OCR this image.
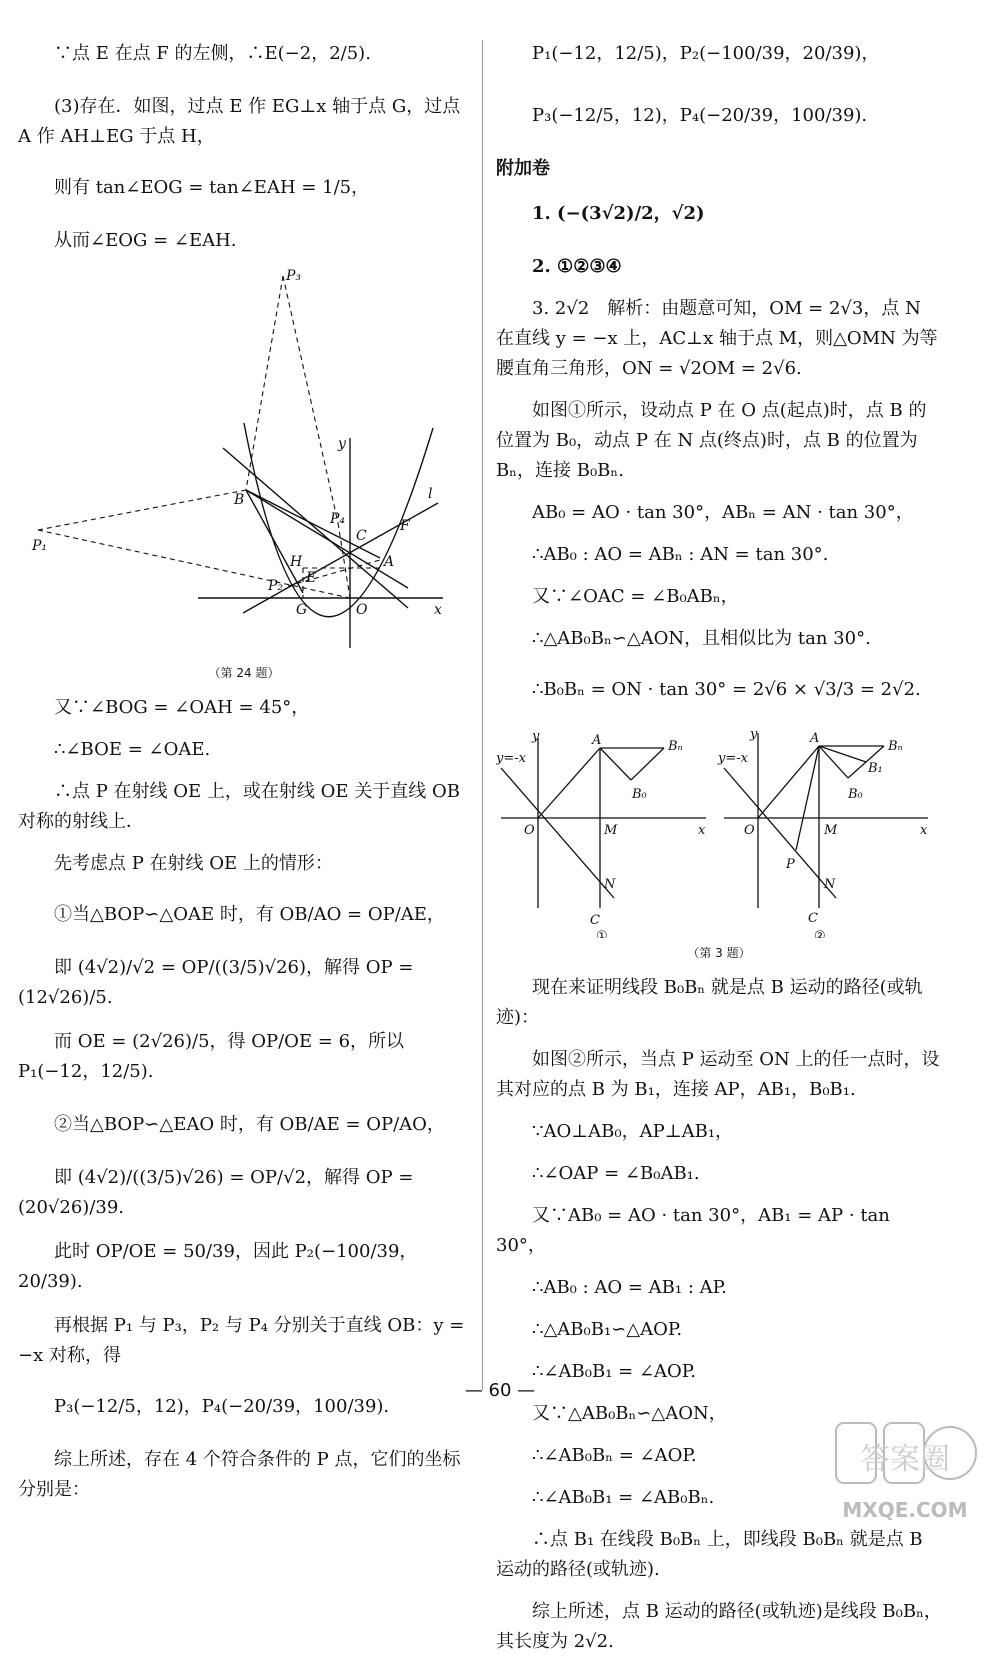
∵点 E 在点 F 的左侧，∴E(−2，2/5).

(3)存在．如图，过点 E 作 EG⊥x 轴于点 G，过点 A 作 AH⊥EG 于点 H，

则有 tan∠EOG = tan∠EAH = 1/5，

从而∠EOG = ∠EAH.

P₃
P₁
P₄
P₂
y
x
O
B
C
F
A
H
E
G
l
（第 24 题）

又∵∠BOG = ∠OAH = 45°，

∴∠BOE = ∠OAE.

∴点 P 在射线 OE 上，或在射线 OE 关于直线 OB 对称的射线上．

先考虑点 P 在射线 OE 上的情形：

①当△BOP∽△OAE 时，有 OB/AO = OP/AE，

即 (4√2)/√2 = OP/((3/5)√26)，解得 OP = (12√26)/5.

而 OE = (2√26)/5，得 OP/OE = 6，所以 P₁(−12，12/5).

②当△BOP∽△EAO 时，有 OB/AE = OP/AO，

即 (4√2)/((3/5)√26) = OP/√2，解得 OP = (20√26)/39.

此时 OP/OE = 50/39，因此 P₂(−100/39，20/39).

再根据 P₁ 与 P₃，P₂ 与 P₄ 分别关于直线 OB：y = −x 对称，得

P₃(−12/5，12)，P₄(−20/39，100/39).

综上所述，存在 4 个符合条件的 P 点，它们的坐标分别是：

P₁(−12，12/5)，P₂(−100/39，20/39)，

P₃(−12/5，12)，P₄(−20/39，100/39).

附加卷

1. (−(3√2)/2，√2)

2. ①②③④

3. 2√2　解析：由题意可知，OM = 2√3，点 N 在直线 y = −x 上，AC⊥x 轴于点 M，则△OMN 为等腰直角三角形，ON = √2OM = 2√6.

如图①所示，设动点 P 在 O 点(起点)时，点 B 的位置为 B₀，动点 P 在 N 点(终点)时，点 B 的位置为 Bₙ，连接 B₀Bₙ.

AB₀ = AO · tan 30°，ABₙ = AN · tan 30°，

∴AB₀ : AO = ABₙ : AN = tan 30°.

又∵∠OAC = ∠B₀ABₙ，

∴△AB₀Bₙ∽△AON，且相似比为 tan 30°.

∴B₀Bₙ = ON · tan 30° = 2√6 × √3/3 = 2√2.

y=-x
y
x
A
O	M
N
C
Bₙ
B₀
①
y=-x
y
x
A
O	M
N
C
P
Bₙ
B₁
B₀
②
（第 3 题）

现在来证明线段 B₀Bₙ 就是点 B 运动的路径(或轨迹)：

如图②所示，当点 P 运动至 ON 上的任一点时，设其对应的点 B 为 B₁，连接 AP，AB₁，B₀B₁.

∵AO⊥AB₀，AP⊥AB₁，

∴∠OAP = ∠B₀AB₁.

又∵AB₀ = AO · tan 30°，AB₁ = AP · tan 30°，

∴AB₀ : AO = AB₁ : AP.

∴△AB₀B₁∽△AOP.

∴∠AB₀B₁ = ∠AOP.

又∵△AB₀Bₙ∽△AON，

∴∠AB₀Bₙ = ∠AOP.

∴∠AB₀B₁ = ∠AB₀Bₙ.

∴点 B₁ 在线段 B₀Bₙ 上，即线段 B₀Bₙ 就是点 B 运动的路径(或轨迹).

综上所述，点 B 运动的路径(或轨迹)是线段 B₀Bₙ，其长度为 2√2.

— 60 —
答案圈
MXQE.COM
